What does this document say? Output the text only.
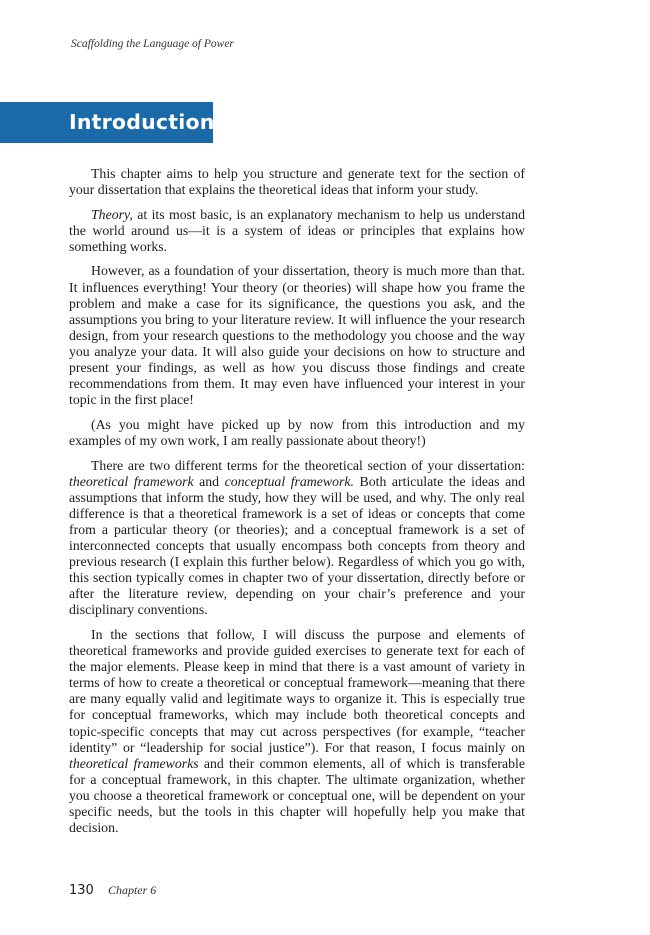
Scaffolding the Language of Power
Introduction

This chapter aims to help you structure and generate text for the section of your dissertation that explains the theoretical ideas that inform your study.

Theory, at its most basic, is an explanatory mechanism to help us understand the world around us—it is a system of ideas or principles that explains how something works.

However, as a foundation of your dissertation, theory is much more than that. It influences everything! Your theory (or theories) will shape how you frame the problem and make a case for its significance, the questions you ask, and the assumptions you bring to your literature review. It will influence the your research design, from your research questions to the methodology you choose and the way you analyze your data. It will also guide your decisions on how to structure and present your findings, as well as how you discuss those findings and create recommendations from them. It may even have influenced your interest in your topic in the first place!

(As you might have picked up by now from this introduction and my examples of my own work, I am really passionate about theory!)

There are two different terms for the theoretical section of your dissertation: theoretical framework and conceptual framework. Both articulate the ideas and assumptions that inform the study, how they will be used, and why. The only real difference is that a theoretical framework is a set of ideas or concepts that come from a particular theory (or theories); and a conceptual framework is a set of interconnected concepts that usually encompass both concepts from theory and previous research (I explain this further below). Regardless of which you go with, this section typically comes in chapter two of your dissertation, directly before or after the literature review, depending on your chair’s preference and your disciplinary conventions.

In the sections that follow, I will discuss the purpose and elements of theoretical frameworks and provide guided exercises to generate text for each of the major elements. Please keep in mind that there is a vast amount of variety in terms of how to create a theoretical or conceptual framework—meaning that there are many equally valid and legitimate ways to organize it. This is especially true for conceptual frameworks, which may include both theoretical concepts and topic-specific concepts that may cut across perspectives (for example, “teacher identity” or “leadership for social justice”). For that reason, I focus mainly on theoretical frameworks and their common elements, all of which is transferable for a conceptual framework, in this chapter. The ultimate organization, whether you choose a theoretical framework or conceptual one, will be dependent on your specific needs, but the tools in this chapter will hopefully help you make that decision.

130 Chapter 6
